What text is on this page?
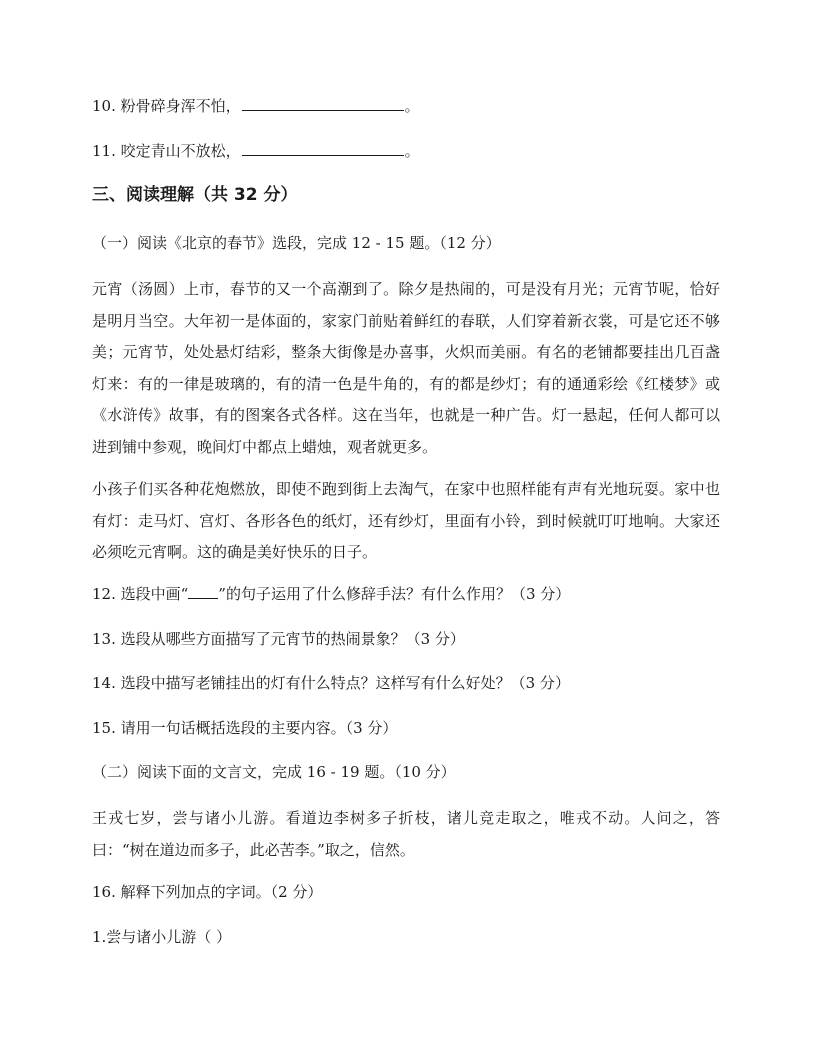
10. 粉骨碎身浑不怕，	。
11. 咬定青山不放松，	。
三、阅读理解（共 32 分）
（一）阅读《北京的春节》选段，完成 12 - 15 题。（12 分）
元宵（汤圆）上市，春节的又一个高潮到了。除夕是热闹的，可是没有月光；元宵节呢，恰好是明月当空。大年初一是体面的，家家门前贴着鲜红的春联，人们穿着新衣裳，可是它还不够美；元宵节，处处悬灯结彩，整条大街像是办喜事，火炽而美丽。有名的老铺都要挂出几百盏灯来：有的一律是玻璃的，有的清一色是牛角的，有的都是纱灯；有的通通彩绘《红楼梦》或《水浒传》故事，有的图案各式各样。这在当年，也就是一种广告。灯一悬起，任何人都可以进到铺中参观，晚间灯中都点上蜡烛，观者就更多。
小孩子们买各种花炮燃放，即使不跑到街上去淘气，在家中也照样能有声有光地玩耍。家中也有灯：走马灯、宫灯、各形各色的纸灯，还有纱灯，里面有小铃，到时候就叮叮地响。大家还必须吃元宵啊。这的确是美好快乐的日子。
12. 选段中画“ ”的句子运用了什么修辞手法？有什么作用？（3 分）
13. 选段从哪些方面描写了元宵节的热闹景象？（3 分）
14. 选段中描写老铺挂出的灯有什么特点？这样写有什么好处？（3 分）
15. 请用一句话概括选段的主要内容。（3 分）
（二）阅读下面的文言文，完成 16 - 19 题。（10 分）
王戎七岁，尝与诸小儿游。看道边李树多子折枝，诸儿竞走取之，唯戎不动。人问之，答曰：“树在道边而多子，此必苦李。”取之，信然。
16. 解释下列加点的字词。（2 分）
1.尝与诸小儿游（ ）
